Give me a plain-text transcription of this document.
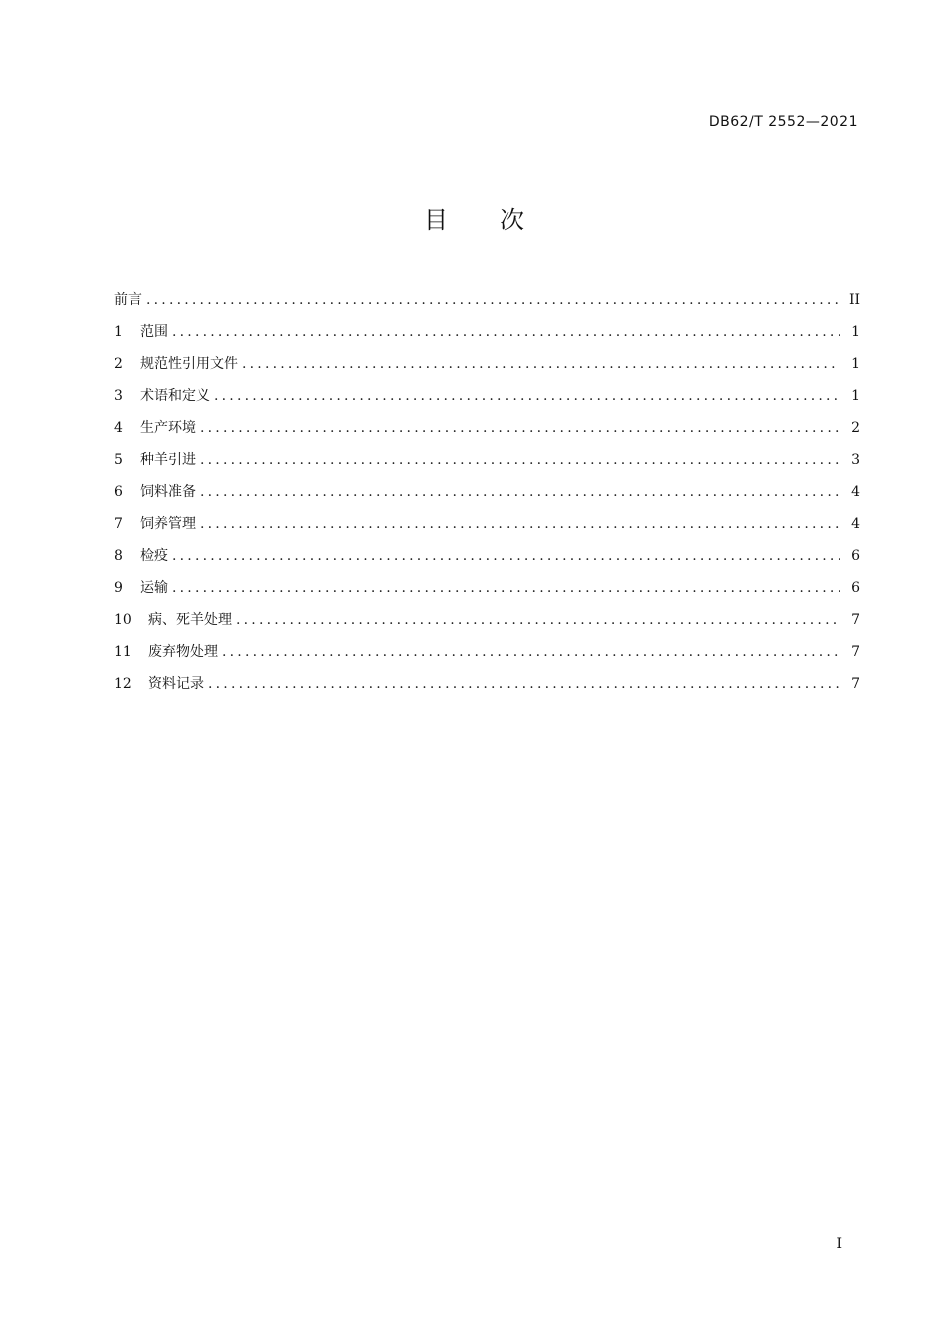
DB62/T 2552—2021
目 次
前言 .....	II
1	范围 .....	1
2	规范性引用文件 .....	1
3	术语和定义 .....	1
4	生产环境 .....	2
5	种羊引进 .....	3
6	饲料准备 .....	4
7	饲养管理 .....	4
8	检疫 .....	6
9	运输 .....	6
10	病、死羊处理 .....	7
11	废弃物处理 .....	7
12	资料记录 .....	7
I
